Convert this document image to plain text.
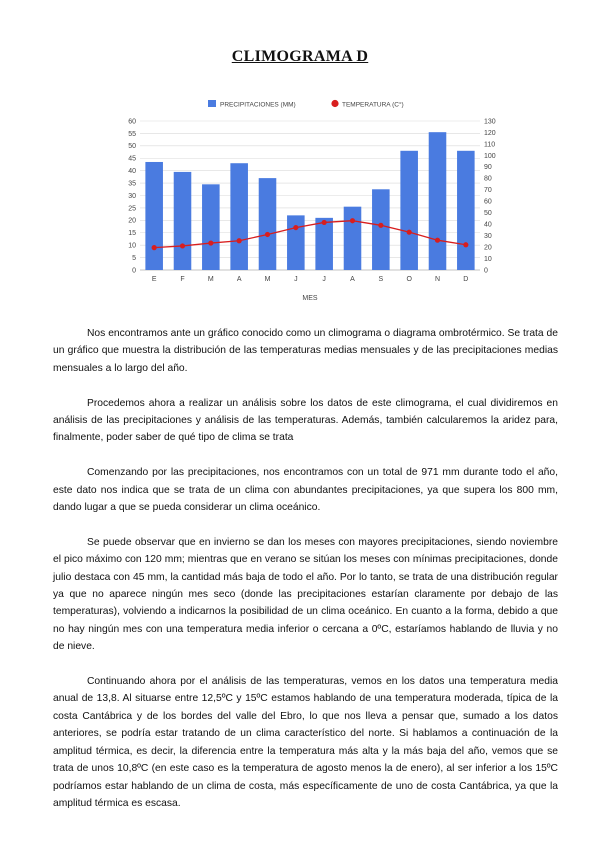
CLIMOGRAMA D
PRECIPITACIONES (MM)	TEMPERATURA (C°)
0
5
10
15
20
25
30
35
40
45
50
55
60
0
10
20
30
40
50
60
70
80
90
100
110
120
130
E	F	M	A	M	J	J	A	S	O	N	D
MES

Nos encontramos ante un gráfico conocido como un climograma o diagrama ombrotérmico. Se trata de un gráfico que muestra la distribución de las temperaturas medias mensuales y de las precipitaciones medias mensuales a lo largo del año.

Procedemos ahora a realizar un análisis sobre los datos de este climograma, el cual dividiremos en análisis de las precipitaciones y análisis de las temperaturas. Además, también calcularemos la aridez para, finalmente, poder saber de qué tipo de clima se trata

Comenzando por las precipitaciones, nos encontramos con un total de 971 mm durante todo el año, este dato nos indica que se trata de un clima con abundantes precipitaciones, ya que supera los 800 mm, dando lugar a que se pueda considerar un clima oceánico.

Se puede observar que en invierno se dan los meses con mayores precipitaciones, siendo noviembre el pico máximo con 120 mm; mientras que en verano se sitúan los meses con mínimas precipitaciones, donde julio destaca con 45 mm, la cantidad más baja de todo el año. Por lo tanto, se trata de una distribución regular ya que no aparece ningún mes seco (donde las precipitaciones estarían claramente por debajo de las temperaturas), volviendo a indicarnos la posibilidad de un clima oceánico. En cuanto a la forma, debido a que no hay ningún mes con una temperatura media inferior o cercana a 0ºC, estaríamos hablando de lluvia y no de nieve.

Continuando ahora por el análisis de las temperaturas, vemos en los datos una temperatura media anual de 13,8. Al situarse entre 12,5ºC y 15ºC estamos hablando de una temperatura moderada, típica de la costa Cantábrica y de los bordes del valle del Ebro, lo que nos lleva a pensar que, sumado a los datos anteriores, se podría estar tratando de un clima característico del norte. Si hablamos a continuación de la amplitud térmica, es decir, la diferencia entre la temperatura más alta y la más baja del año, vemos que se trata de unos 10,8ºC (en este caso es la temperatura de agosto menos la de enero), al ser inferior a los 15ºC podríamos estar hablando de un clima de costa, más específicamente de uno de costa Cantábrica, ya que la amplitud térmica es escasa.
